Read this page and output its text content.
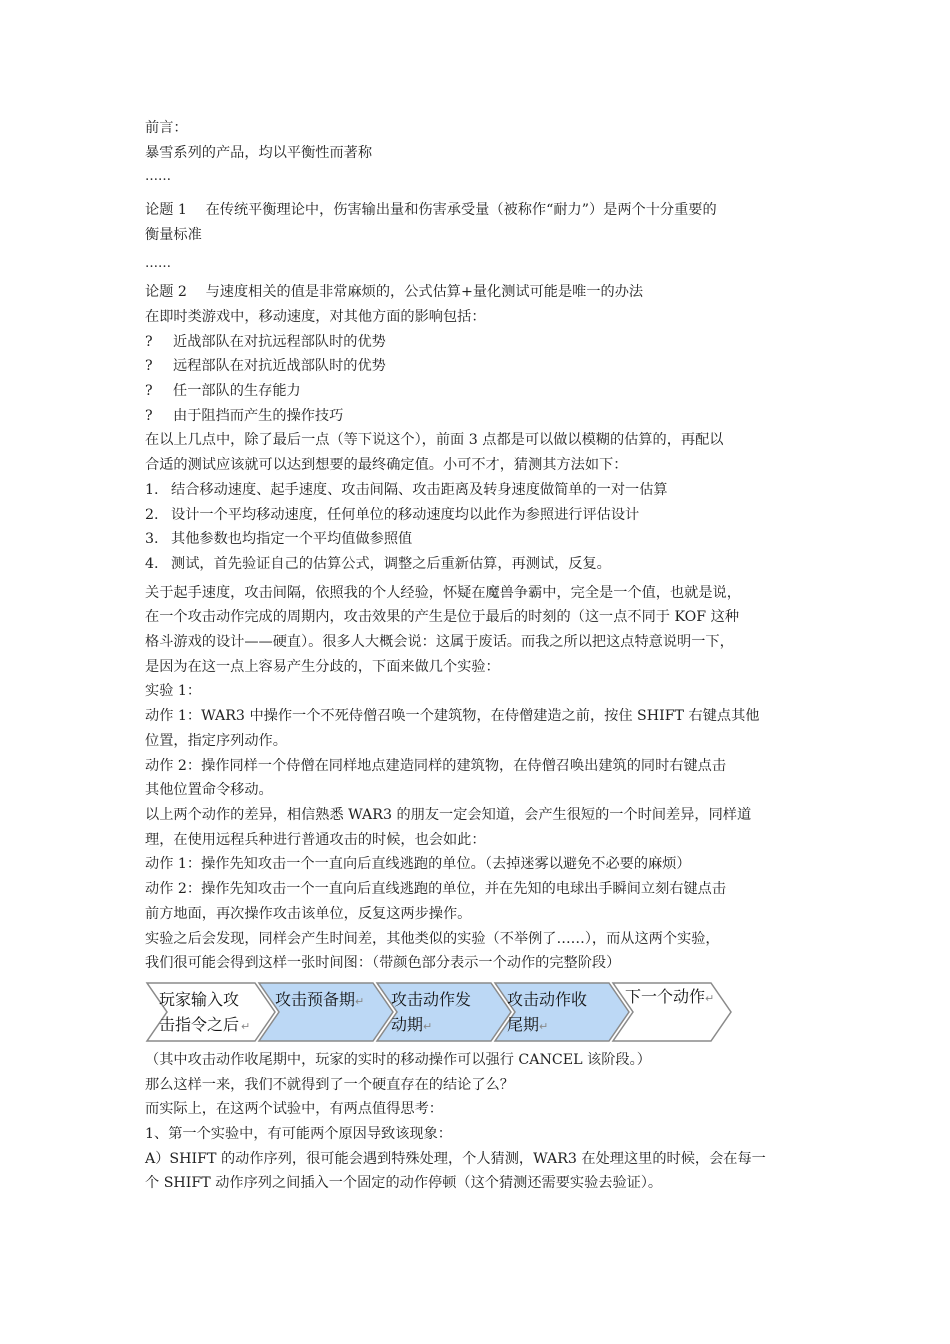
前言：
暴雪系列的产品，均以平衡性而著称
……
论题 1　 在传统平衡理论中，伤害输出量和伤害承受量（被称作“耐力”）是两个十分重要的
衡量标准
……
论题 2　 与速度相关的值是非常麻烦的，公式估算+量化测试可能是唯一的办法
在即时类游戏中，移动速度，对其他方面的影响包括：
? 近战部队在对抗远程部队时的优势
? 远程部队在对抗近战部队时的优势
? 任一部队的生存能力
? 由于阻挡而产生的操作技巧
在以上几点中，除了最后一点（等下说这个），前面 3 点都是可以做以模糊的估算的，再配以
合适的测试应该就可以达到想要的最终确定值。小可不才，猜测其方法如下：
1. 结合移动速度、起手速度、攻击间隔、攻击距离及转身速度做简单的一对一估算
2. 设计一个平均移动速度，任何单位的移动速度均以此作为参照进行评估设计
3. 其他参数也均指定一个平均值做参照值
4. 测试，首先验证自己的估算公式，调整之后重新估算，再测试，反复。
关于起手速度，攻击间隔，依照我的个人经验，怀疑在魔兽争霸中，完全是一个值，也就是说，
在一个攻击动作完成的周期内，攻击效果的产生是位于最后的时刻的（这一点不同于 KOF 这种
格斗游戏的设计——硬直）。很多人大概会说：这属于废话。而我之所以把这点特意说明一下，
是因为在这一点上容易产生分歧的，下面来做几个实验：
实验 1：
动作 1：WAR3 中操作一个不死侍僧召唤一个建筑物，在侍僧建造之前，按住 SHIFT 右键点其他
位置，指定序列动作。
动作 2：操作同样一个侍僧在同样地点建造同样的建筑物，在侍僧召唤出建筑的同时右键点击
其他位置命令移动。
以上两个动作的差异，相信熟悉 WAR3 的朋友一定会知道，会产生很短的一个时间差异，同样道
理，在使用远程兵种进行普通攻击的时候，也会如此：
动作 1：操作先知攻击一个一直向后直线逃跑的单位。（去掉迷雾以避免不必要的麻烦）
动作 2：操作先知攻击一个一直向后直线逃跑的单位，并在先知的电球出手瞬间立刻右键点击
前方地面，再次操作攻击该单位，反复这两步操作。
实验之后会发现，同样会产生时间差，其他类似的实验（不举例了……），而从这两个实验，
我们很可能会得到这样一张时间图：（带颜色部分表示一个动作的完整阶段）
玩家输入攻
击指令之后 ↵
攻击预备期 ↵ 攻击动作发
动期 ↵
攻击动作收
尾期 ↵
下一个动作 ↵
（其中攻击动作收尾期中，玩家的实时的移动操作可以强行 CANCEL 该阶段。）
那么这样一来，我们不就得到了一个硬直存在的结论了么？
而实际上，在这两个试验中，有两点值得思考：
1、第一个实验中，有可能两个原因导致该现象：
A）SHIFT 的动作序列，很可能会遇到特殊处理，个人猜测，WAR3 在处理这里的时候，会在每一
个 SHIFT 动作序列之间插入一个固定的动作停顿（这个猜测还需要实验去验证）。
